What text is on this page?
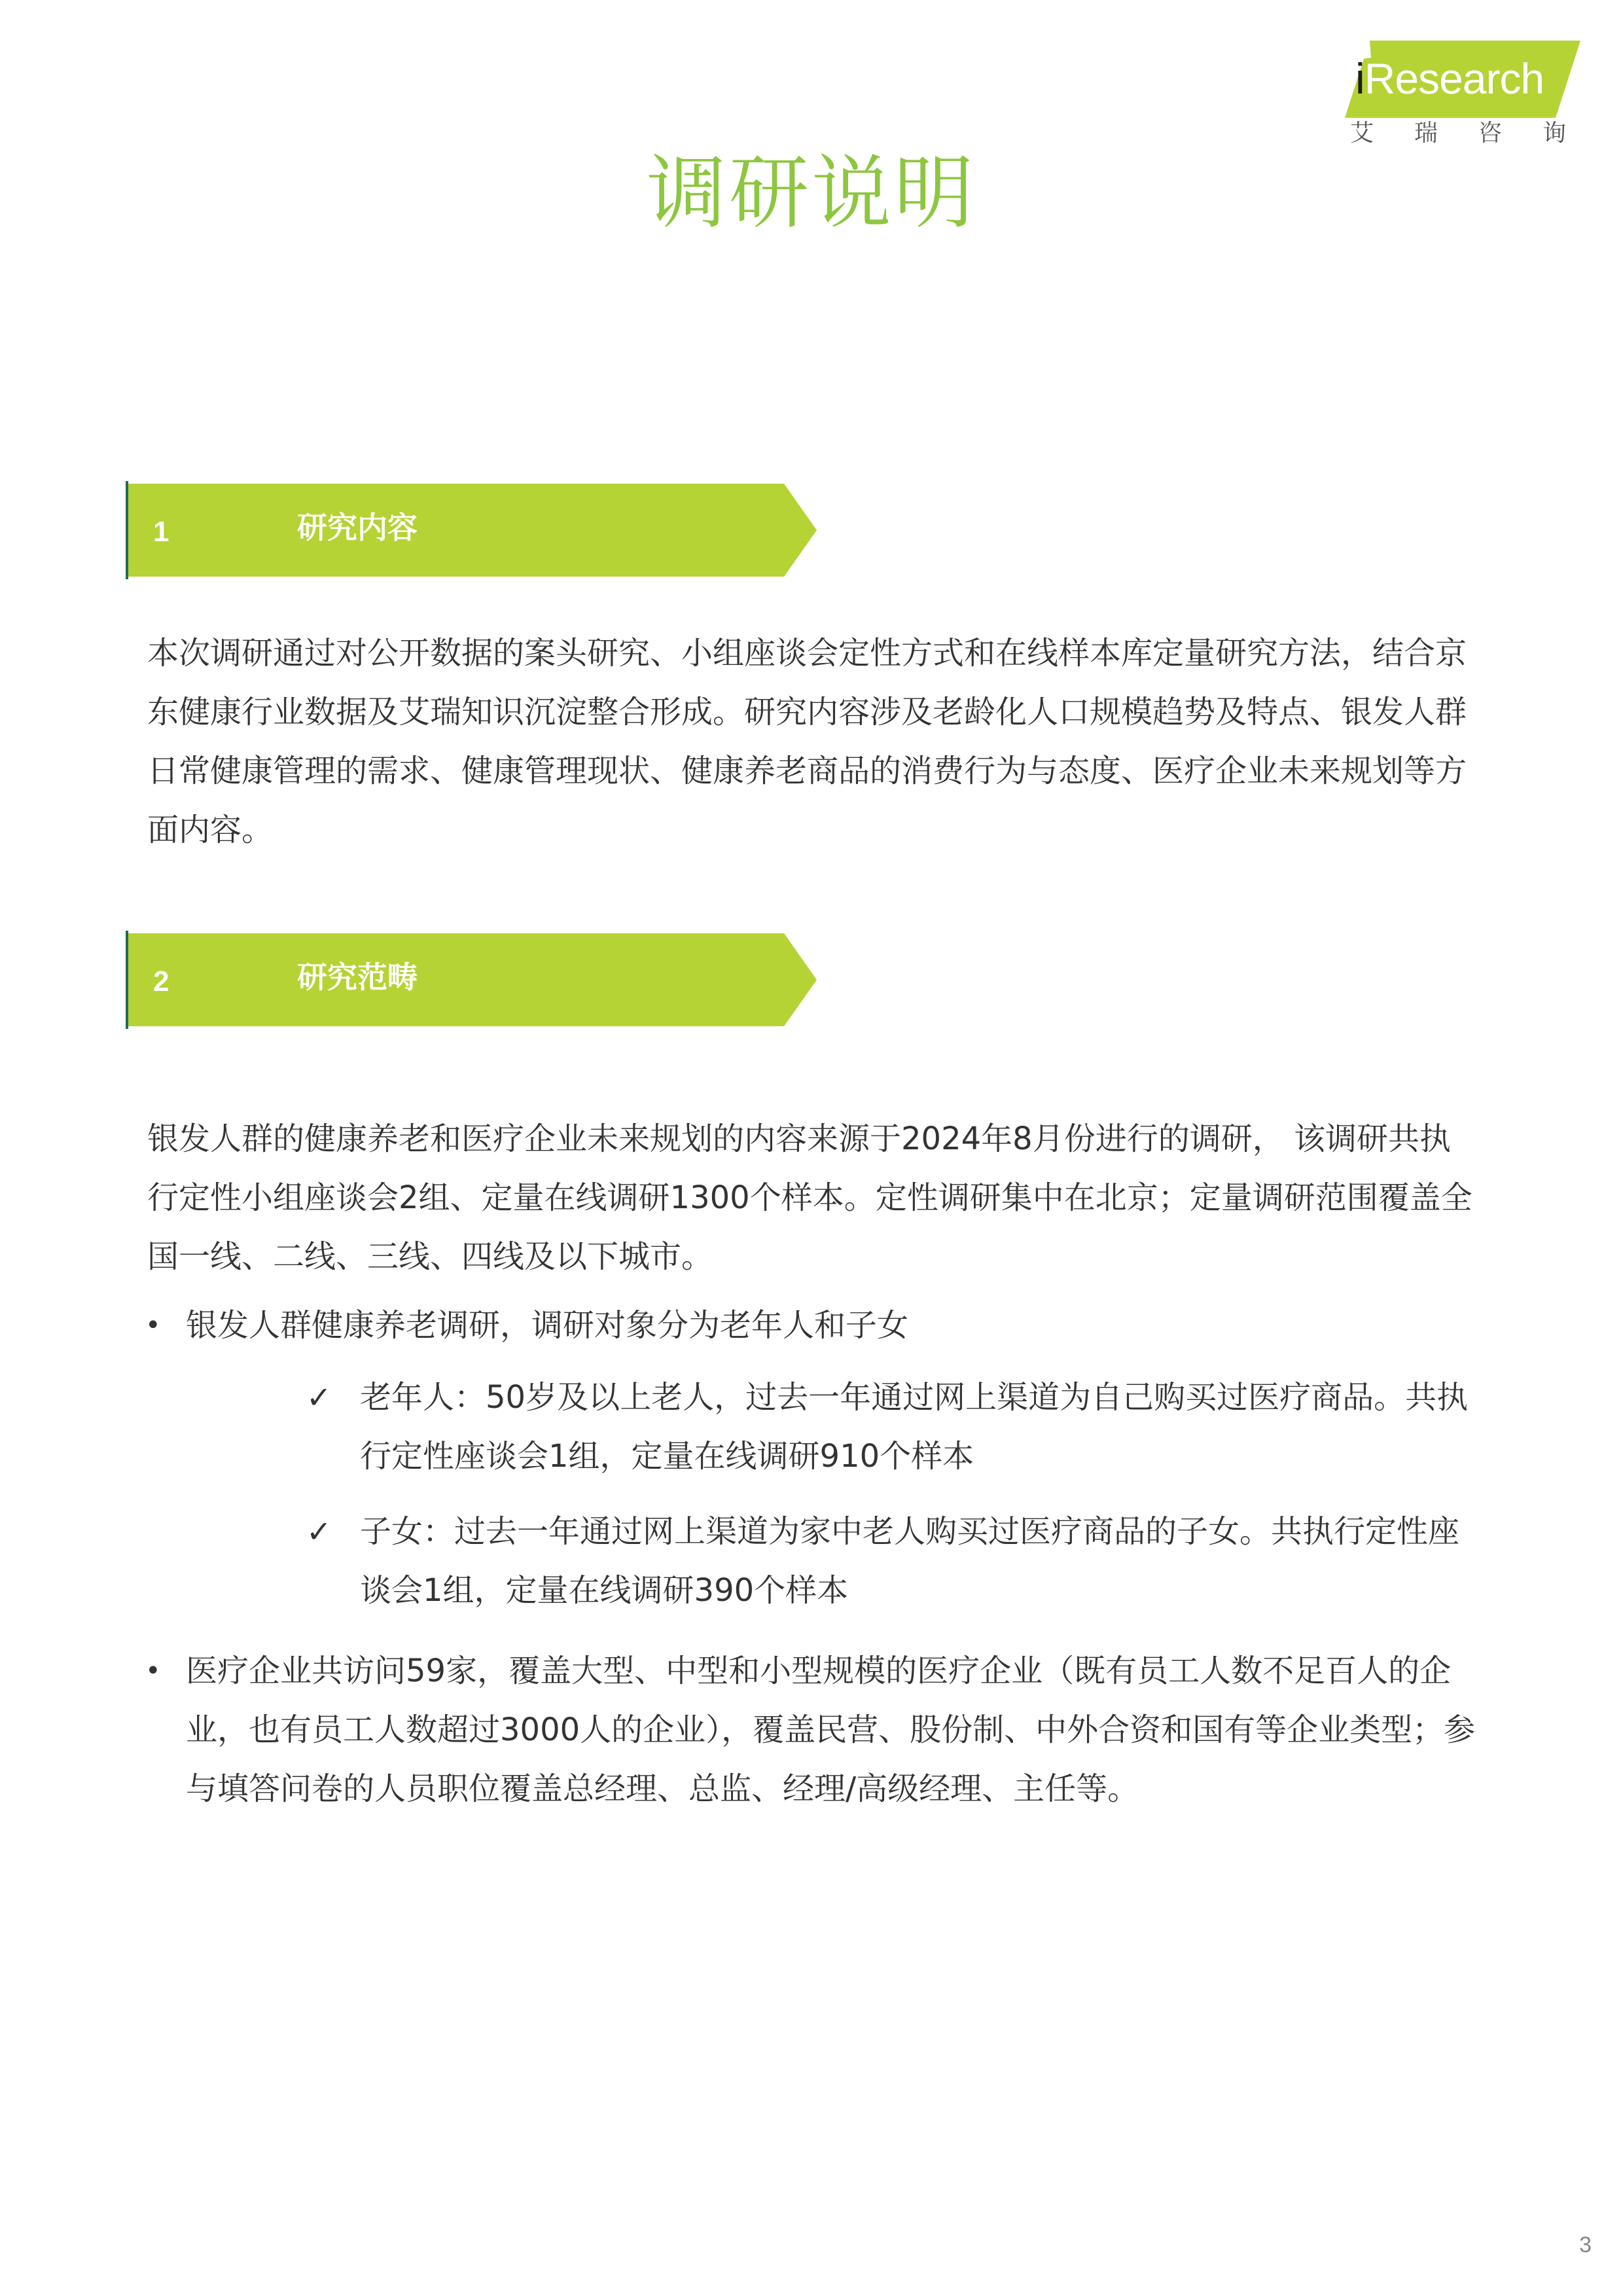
iResearch
艾瑞咨询
调研说明
1	研究内容

本次调研通过对公开数据的案头研究、小组座谈会定性方式和在线样本库定量研究方法，结合京东健康行业数据及艾瑞知识沉淀整合形成。研究内容涉及老龄化人口规模趋势及特点、银发人群日常健康管理的需求、健康管理现状、健康养老商品的消费行为与态度、医疗企业未来规划等方面内容。

2	研究范畴

银发人群的健康养老和医疗企业未来规划的内容来源于2024年8月份进行的调研， 该调研共执行定性小组座谈会2组、定量在线调研1300个样本。定性调研集中在北京；定量调研范围覆盖全国一线、二线、三线、四线及以下城市。

• 银发人群健康养老调研，调研对象分为老年人和子女
✓ 老年人：50岁及以上老人，过去一年通过网上渠道为自己购买过医疗商品。共执行定性座谈会1组，定量在线调研910个样本
✓ 子女：过去一年通过网上渠道为家中老人购买过医疗商品的子女。共执行定性座谈会1组，定量在线调研390个样本
• 医疗企业共访问59家，覆盖大型、中型和小型规模的医疗企业（既有员工人数不足百人的企业，也有员工人数超过3000人的企业），覆盖民营、股份制、中外合资和国有等企业类型；参与填答问卷的人员职位覆盖总经理、总监、经理/高级经理、主任等。
3
